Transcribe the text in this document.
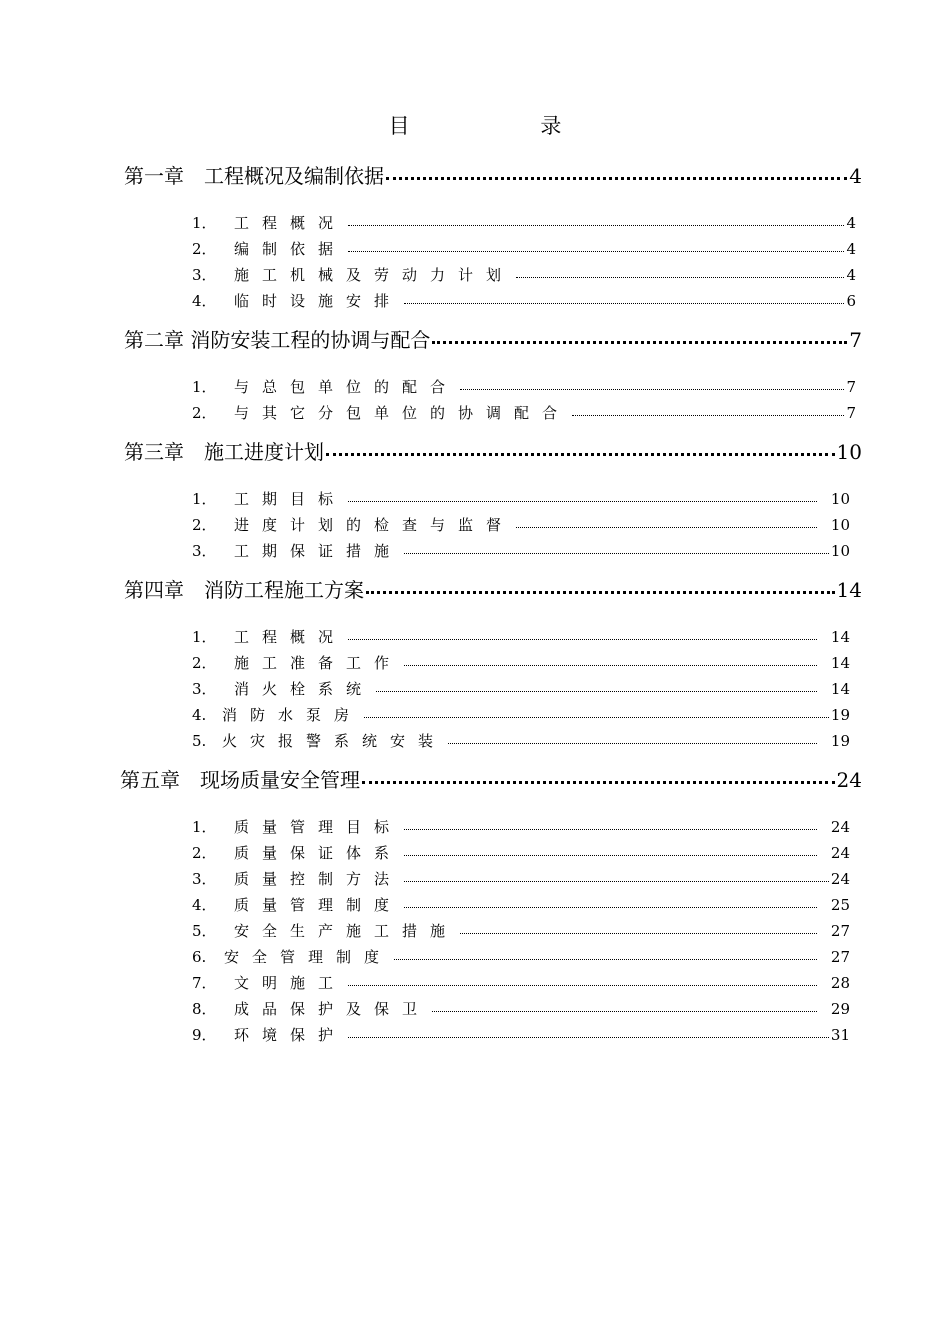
目 录
第一章　工程概况及编制依据	4
1． 工程概况	4
2． 编制依据	4
3． 施工机械及劳动力计划	4
4． 临时设施安排	6
第二章 消防安装工程的协调与配合	7
1． 与总包单位的配合	7
2． 与其它分包单位的协调配合	7
第三章　施工进度计划	10
1． 工期目标	10
2． 进度计划的检查与监督	10
3． 工期保证措施	10
第四章　消防工程施工方案	14
1． 工程概况	14
2． 施工准备工作	14
3． 消火栓系统	14
4. 消防水泵房	19
5. 火灾报警系统安装	19
第五章　现场质量安全管理	24
1． 质量管理目标	24
2． 质量保证体系	24
3． 质量控制方法	24
4． 质量管理制度	25
5． 安全生产施工措施	27
6. 安全管理制度	27
7． 文明施工	28
8． 成品保护及保卫	29
9． 环境保护	31
